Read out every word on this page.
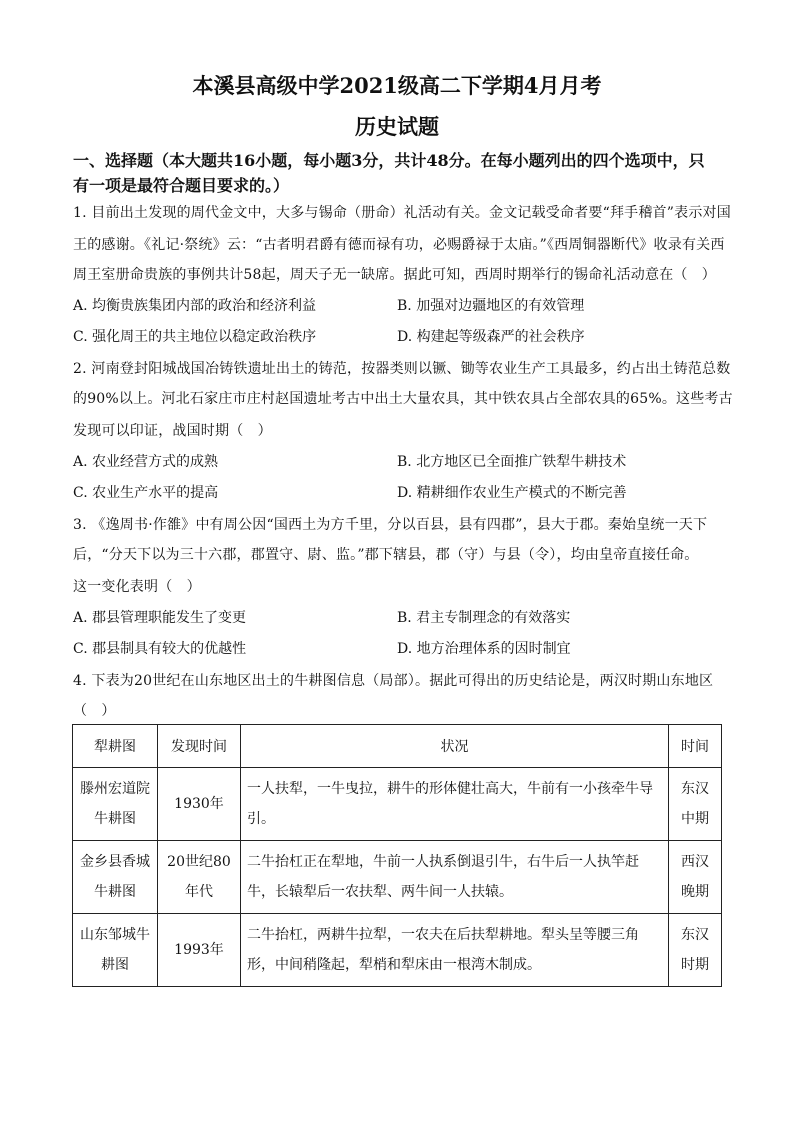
本溪县高级中学2021级高二下学期4月月考
历史试题
一、选择题（本大题共16小题，每小题3分，共计48分。在每小题列出的四个选项中，只
有一项是最符合题目要求的。）
1. 目前出土发现的周代金文中，大多与锡命（册命）礼活动有关。金文记载受命者要“拜手稽首”表示对国
王的感谢。《礼记·祭统》云：“古者明君爵有德而禄有功，必赐爵禄于太庙。”《西周铜器断代》收录有关西
周王室册命贵族的事例共计58起，周天子无一缺席。据此可知，西周时期举行的锡命礼活动意在（　）
A. 均衡贵族集团内部的政治和经济利益	B. 加强对边疆地区的有效管理
C. 强化周王的共主地位以稳定政治秩序	D. 构建起等级森严的社会秩序
2. 河南登封阳城战国冶铸铁遗址出土的铸范，按器类则以镢、锄等农业生产工具最多，约占出土铸范总数
的90%以上。河北石家庄市庄村赵国遗址考古中出土大量农具，其中铁农具占全部农具的65%。这些考古
发现可以印证，战国时期（　）
A. 农业经营方式的成熟	B. 北方地区已全面推广铁犁牛耕技术
C. 农业生产水平的提高	D. 精耕细作农业生产模式的不断完善
3. 《逸周书·作雒》中有周公因“国西土为方千里，分以百县，县有四郡”，县大于郡。秦始皇统一天下
后，“分天下以为三十六郡，郡置守、尉、监。”郡下辖县，郡（守）与县（令），均由皇帝直接任命。
这一变化表明（　）
A. 郡县管理职能发生了变更	B. 君主专制理念的有效落实
C. 郡县制具有较大的优越性	D. 地方治理体系的因时制宜
4. 下表为20世纪在山东地区出土的牛耕图信息（局部）。据此可得出的历史结论是，两汉时期山东地区
（　）
犁耕图	发现时间	状况	时间
滕州宏道院牛耕图	1930年	一人扶犁，一牛曳拉，耕牛的形体健壮高大，牛前有一小孩牵牛导引。	东汉中期
金乡县香城牛耕图	20世纪80年代	二牛抬杠正在犁地，牛前一人执系倒退引牛，右牛后一人执竿赶牛，长辕犁后一农扶犁、两牛间一人扶辕。	西汉晚期
山东邹城牛耕图	1993年	二牛抬杠，两耕牛拉犁，一农夫在后扶犁耕地。犁头呈等腰三角形，中间稍隆起，犁梢和犁床由一根湾木制成。	东汉时期
